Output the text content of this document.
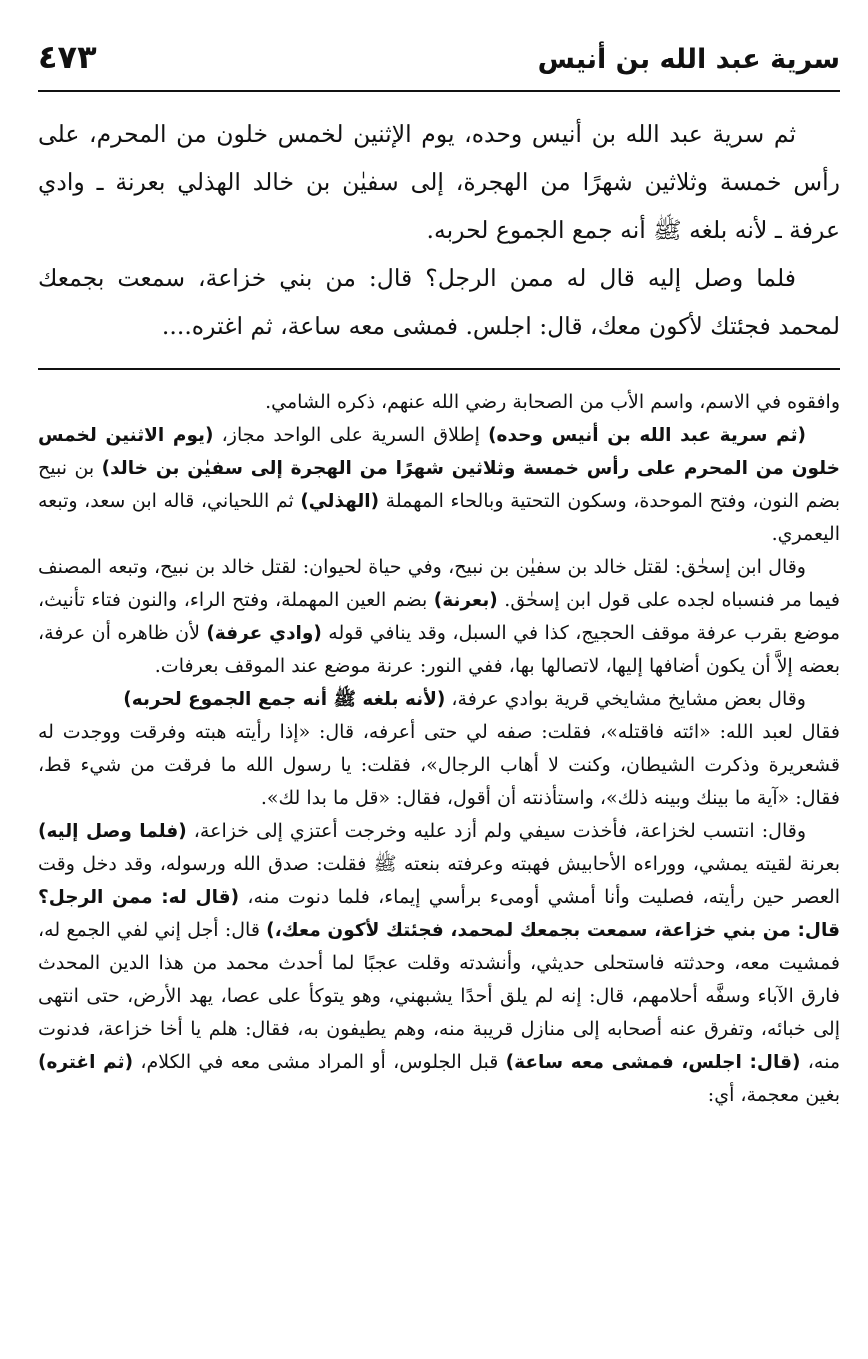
سرية عبد الله بن أنيس
٤٧٣

ثم سرية عبد الله بن أنيس وحده، يوم الإثنين لخمس خلون من المحرم، على رأس خمسة وثلاثين شهرًا من الهجرة، إلى سفيٰن بن خالد الهذلي بعرنة ـ وادي عرفة ـ لأنه بلغه ﷺ أنه جمع الجموع لحربه.

فلما وصل إليه قال له ممن الرجل؟ قال: من بني خزاعة، سمعت بجمعك لمحمد فجئتك لأكون معك، قال: اجلس. فمشى معه ساعة، ثم اغتره....

وافقوه في الاسم، واسم الأب من الصحابة رضي الله عنهم، ذكره الشامي.

(ثم سرية عبد الله بن أنيس وحده) إطلاق السرية على الواحد مجاز، (يوم الاثنين لخمس خلون من المحرم على رأس خمسة وثلاثين شهرًا من الهجرة إلى سفيٰن بن خالد) بن نبيح بضم النون، وفتح الموحدة، وسكون التحتية وبالحاء المهملة (الهذلي) ثم اللحياني، قاله ابن سعد، وتبعه اليعمري.

وقال ابن إسحٰق: لقتل خالد بن سفيٰن بن نبيح، وفي حياة لحيوان: لقتل خالد بن نبيح، وتبعه المصنف فيما مر فنسباه لجده على قول ابن إسحٰق. (بعرنة) بضم العين المهملة، وفتح الراء، والنون فتاء تأنيث، موضع بقرب عرفة موقف الحجيج، كذا في السبل، وقد ينافي قوله (وادي عرفة) لأن ظاهره أن عرفة، بعضه إلاَّ أن يكون أضافها إليها، لاتصالها بها، ففي النور: عرنة موضع عند الموقف بعرفات.

وقال بعض مشايخ مشايخي قرية بوادي عرفة، (لأنه بلغه ﷺ أنه جمع الجموع لحربه)

فقال لعبد الله: «ائته فاقتله»، فقلت: صفه لي حتى أعرفه، قال: «إذا رأيته هبته وفرقت ووجدت له قشعريرة وذكرت الشيطان، وكنت لا أهاب الرجال»، فقلت: يا رسول الله ما فرقت من شيء قط، فقال: «آية ما بينك وبينه ذلك»، واستأذنته أن أقول، فقال: «قل ما بدا لك».

وقال: انتسب لخزاعة، فأخذت سيفي ولم أزد عليه وخرجت أعتزي إلى خزاعة، (فلما وصل إليه) بعرنة لقيته يمشي، ووراءه الأحابيش فهبته وعرفته بنعته ﷺ فقلت: صدق الله ورسوله، وقد دخل وقت العصر حين رأيته، فصليت وأنا أمشي أومىء برأسي إيماء، فلما دنوت منه، (قال له: ممن الرجل؟ قال: من بني خزاعة، سمعت بجمعك لمحمد، فجئتك لأكون معك،) قال: أجل إني لفي الجمع له، فمشيت معه، وحدثته فاستحلى حديثي، وأنشدته وقلت عجبًا لما أحدث محمد من هذا الدين المحدث فارق الآباء وسفَّه أحلامهم، قال: إنه لم يلق أحدًا يشبهني، وهو يتوكأ على عصا، يهد الأرض، حتى انتهى إلى خبائه، وتفرق عنه أصحابه إلى منازل قريبة منه، وهم يطيفون به، فقال: هلم يا أخا خزاعة، فدنوت منه، (قال: اجلس، فمشى معه ساعة) قبل الجلوس، أو المراد مشى معه في الكلام، (ثم اغتره) بغين معجمة، أي:
